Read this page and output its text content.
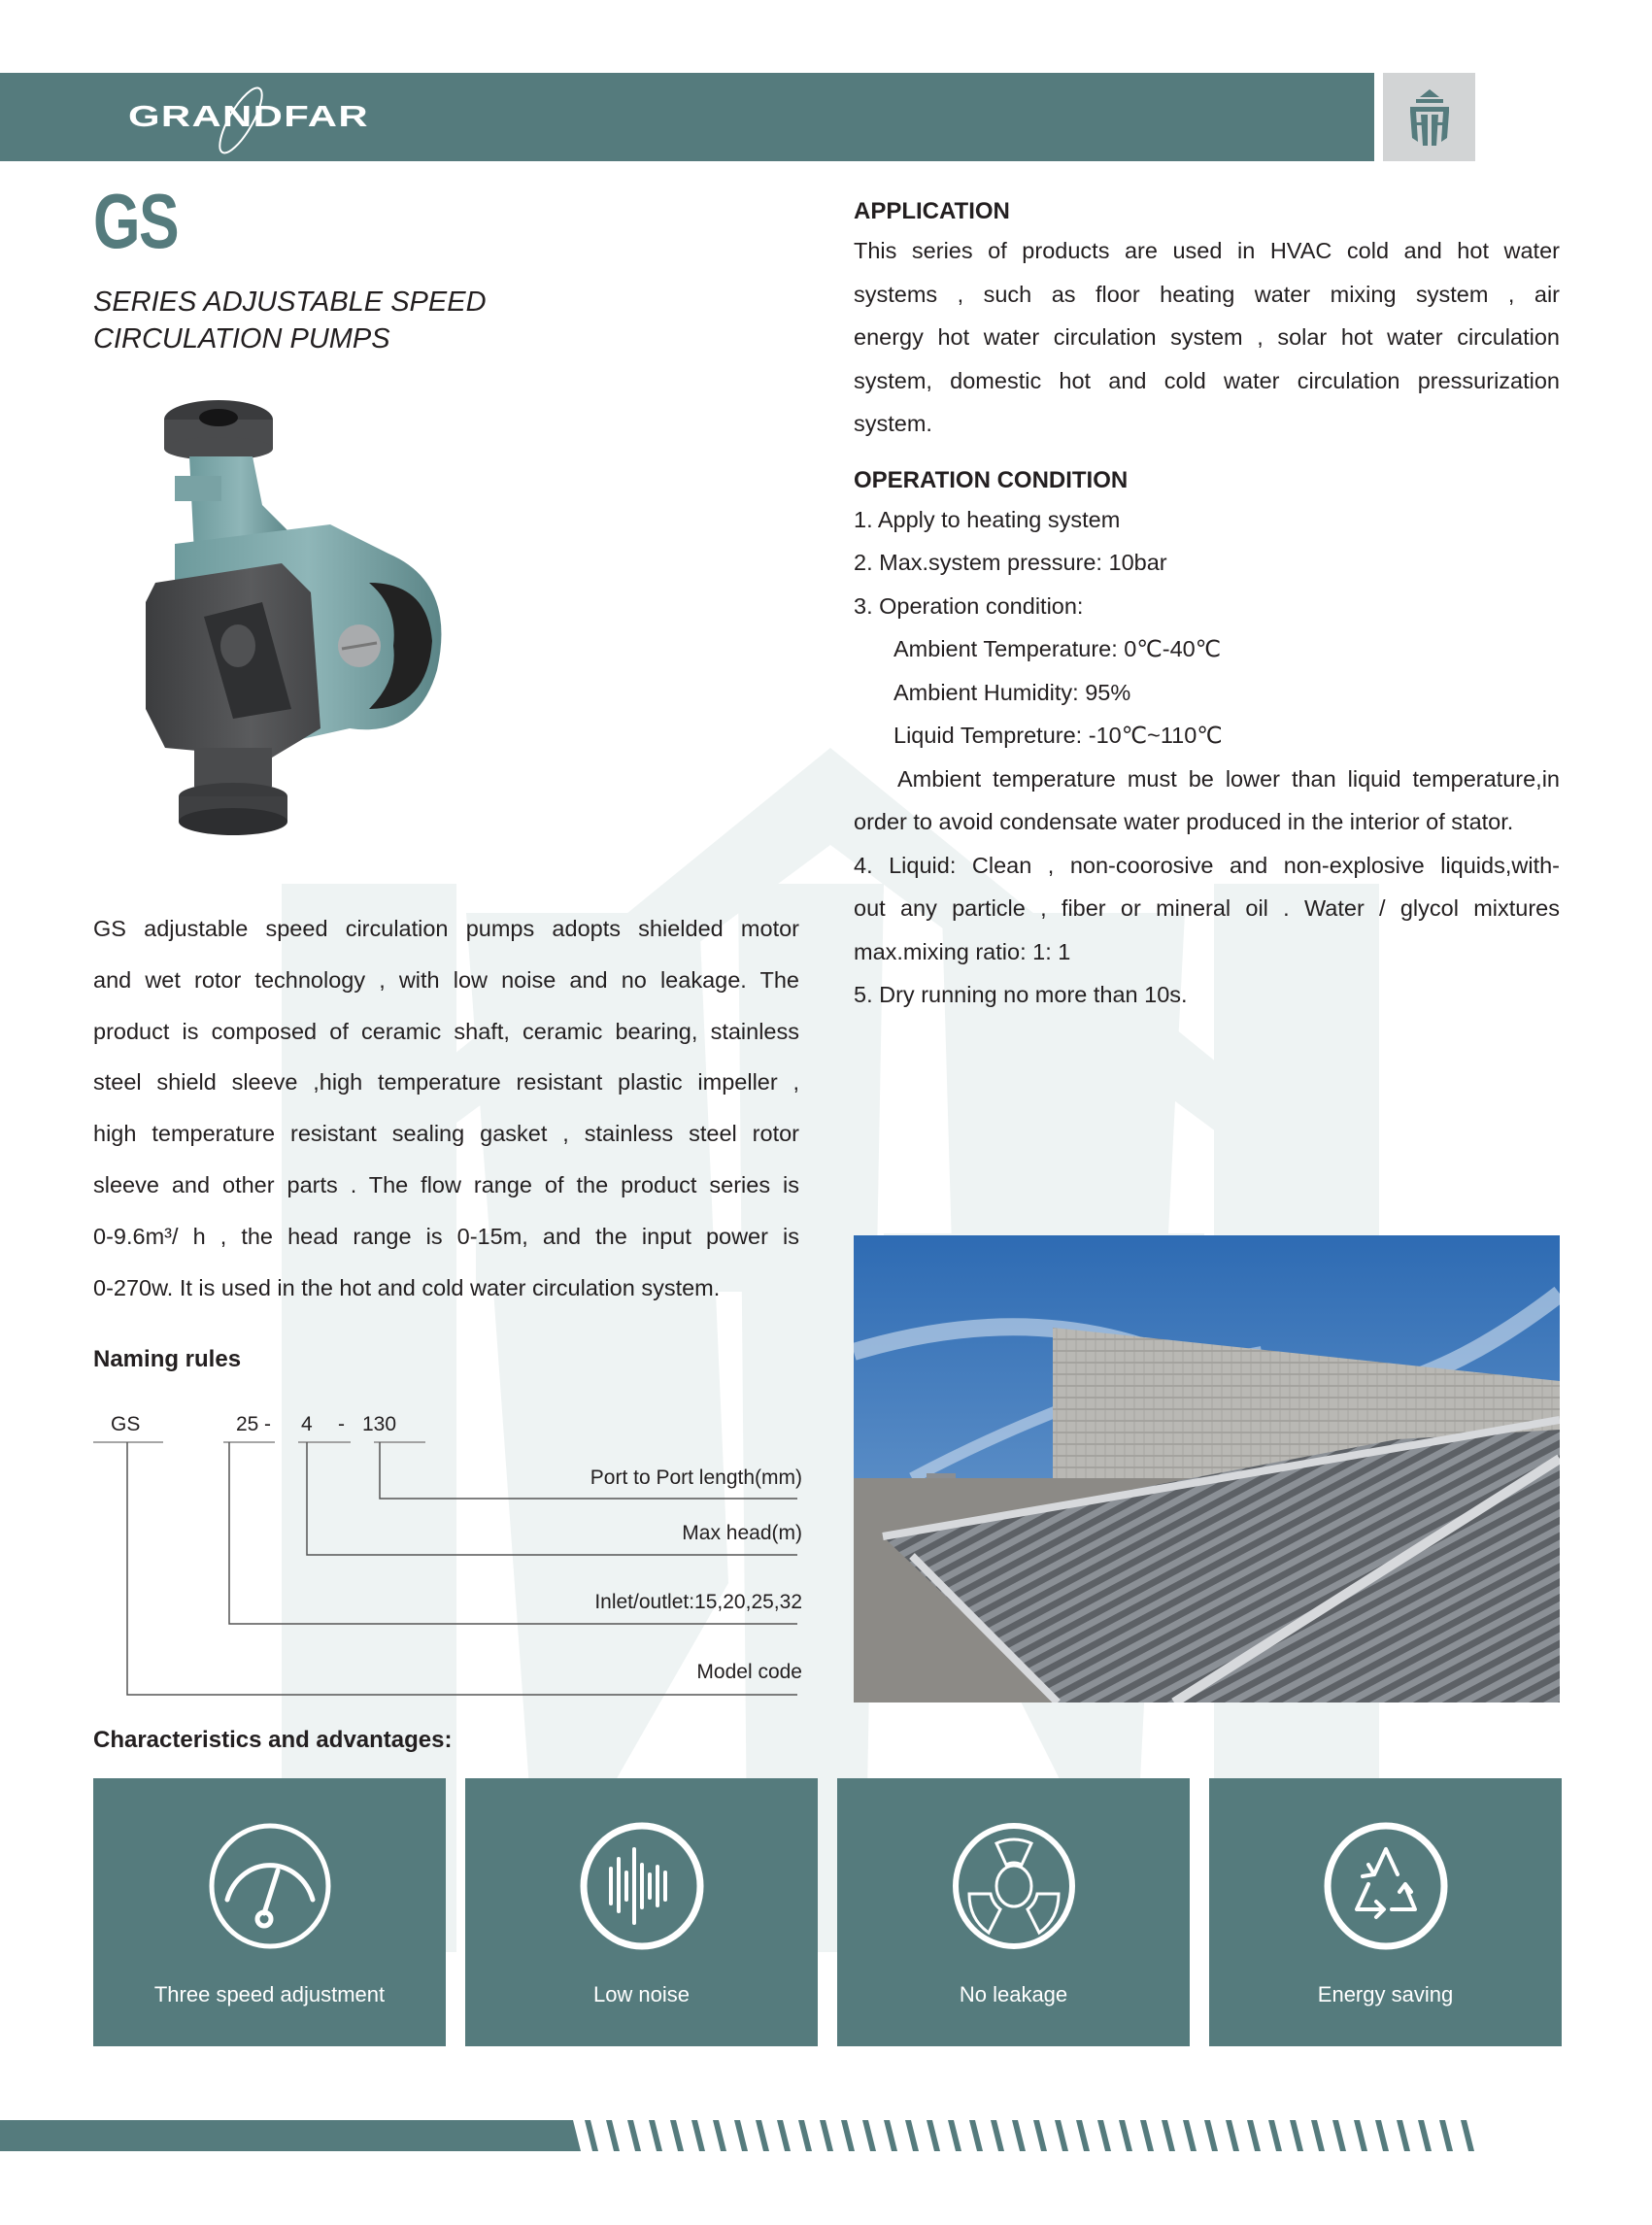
GRANDFAR
GS
SERIES ADJUSTABLE SPEED
CIRCULATION PUMPS
GS adjustable speed circulation pumps adopts shielded motor
and wet rotor technology , with low noise and no leakage. The
product is composed of ceramic shaft, ceramic bearing, stainless
steel shield sleeve ,high temperature resistant plastic impeller ,
high temperature resistant sealing gasket , stainless steel rotor
sleeve and other parts . The flow range of the product series is
0-9.6m³/ h , the head range is 0-15m, and the input power is
0-270w. It is used in the hot and cold water circulation system.
APPLICATION
This series of products are used in HVAC cold and hot water
systems , such as floor heating water mixing system , air
energy hot water circulation system , solar hot water circulation
system, domestic hot and cold water circulation pressurization
system.
OPERATION CONDITION
1. Apply to heating system
2. Max.system pressure: 10bar
3. Operation condition:
Ambient Temperature: 0℃-40℃
Ambient Humidity: 95%
Liquid Tempreture: -10℃~110℃
Ambient temperature must be lower than liquid temperature,in
order to avoid condensate water produced in the interior of stator.
4. Liquid: Clean , non-coorosive and non-explosive liquids,with-
out any particle , fiber or mineral oil . Water / glycol mixtures
max.mixing ratio: 1: 1
5. Dry running no more than 10s.
Naming rules
GS	25 - 4 - 130
Port to Port length(mm)
Max head(m)
Inlet/outlet:15,20,25,32
Model code
Characteristics and advantages:
Three speed adjustment	Low noise	No leakage	Energy saving
